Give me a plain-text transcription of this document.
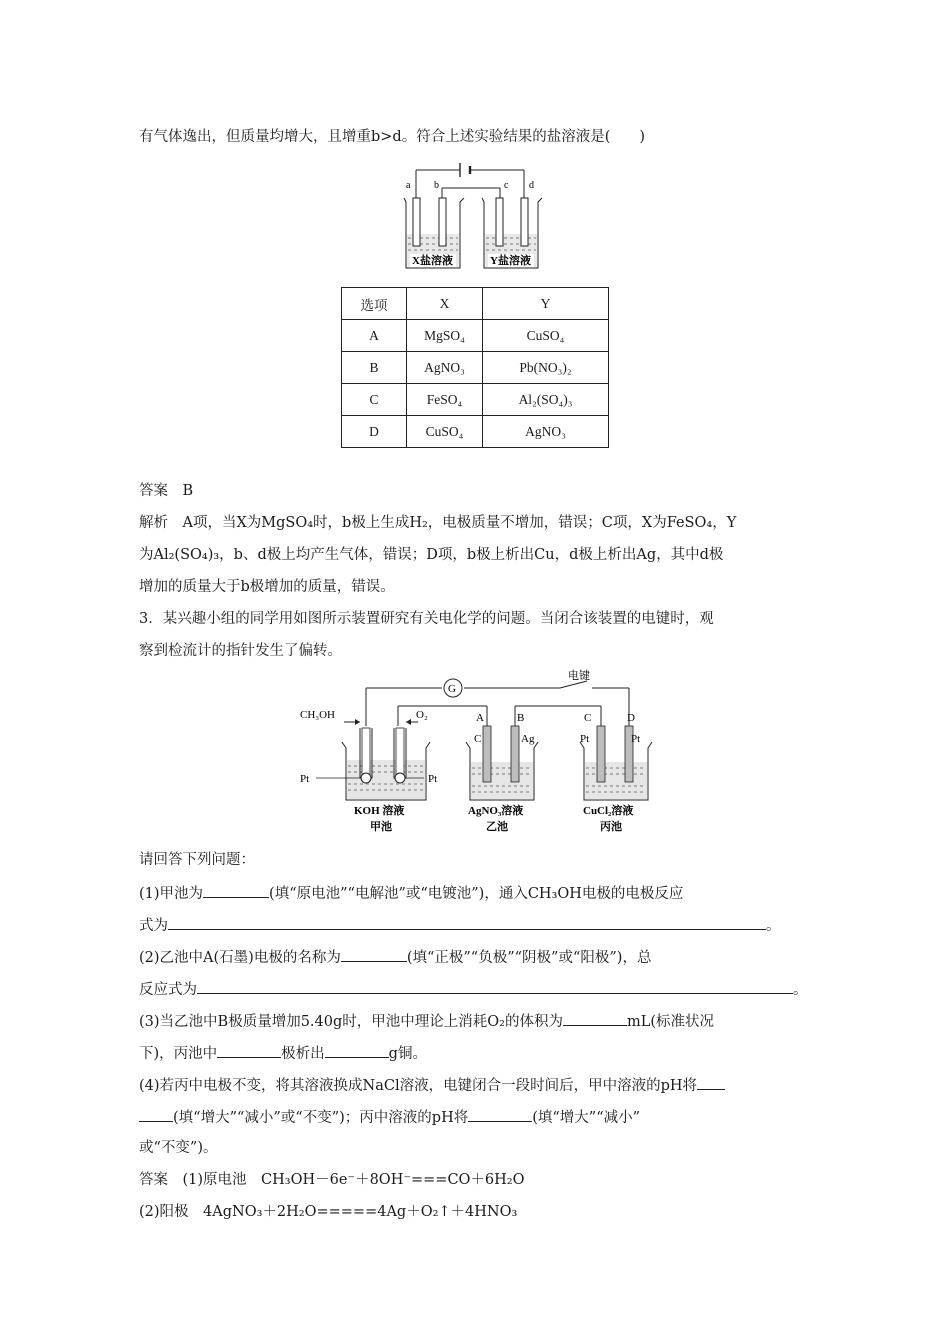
有气体逸出，但质量均增大，且增重b>d。符合上述实验结果的盐溶液是(　　)
a b	c d
X盐溶液	Y盐溶液
选项	X	Y
A	MgSO₄	CuSO₄
B	AgNO₃	Pb(NO₃)₂
C	FeSO₄	Al₂(SO₄)₃
D	CuSO₄	AgNO₃
答案　B
解析　A项，当X为MgSO₄时，b极上生成H₂，电极质量不增加，错误；C项，X为FeSO₄，Y
为Al₂(SO₄)₃，b、d极上均产生气体，错误；D项，b极上析出Cu，d极上析出Ag，其中d极
增加的质量大于b极增加的质量，错误。
3．某兴趣小组的同学用如图所示装置研究有关电化学的问题。当闭合该装置的电键时，观
察到检流计的指针发生了偏转。
G
电键
CH₃OH	O₂
Pt	Pt
KOH 溶液
甲池
A	B
C	Ag
AgNO₃溶液
乙池
C	D
Pt	Pt
CuCl₂溶液
丙池
请回答下列问题：
(1)甲池为	(填“原电池”“电解池”或“电镀池”)，通入CH₃OH电极的电极反应
式为	。
(2)乙池中A(石墨)电极的名称为	(填“正极”“负极”“阴极”或“阳极”)，总
反应式为	。
(3)当乙池中B极质量增加5.40g时，甲池中理论上消耗O₂的体积为	mL(标准状况
下)，丙池中	极析出	g铜。
(4)若丙中电极不变，将其溶液换成NaCl溶液，电键闭合一段时间后，甲中溶液的pH将
(填“增大”“减小”或“不变”)；丙中溶液的pH将	(填“增大”“减小”
或“不变”)。
答案　(1)原电池　CH₃OH－6e⁻＋8OH⁻===CO＋6H₂O
(2)阳极　4AgNO₃＋2H₂O=====4Ag＋O₂↑＋4HNO₃
